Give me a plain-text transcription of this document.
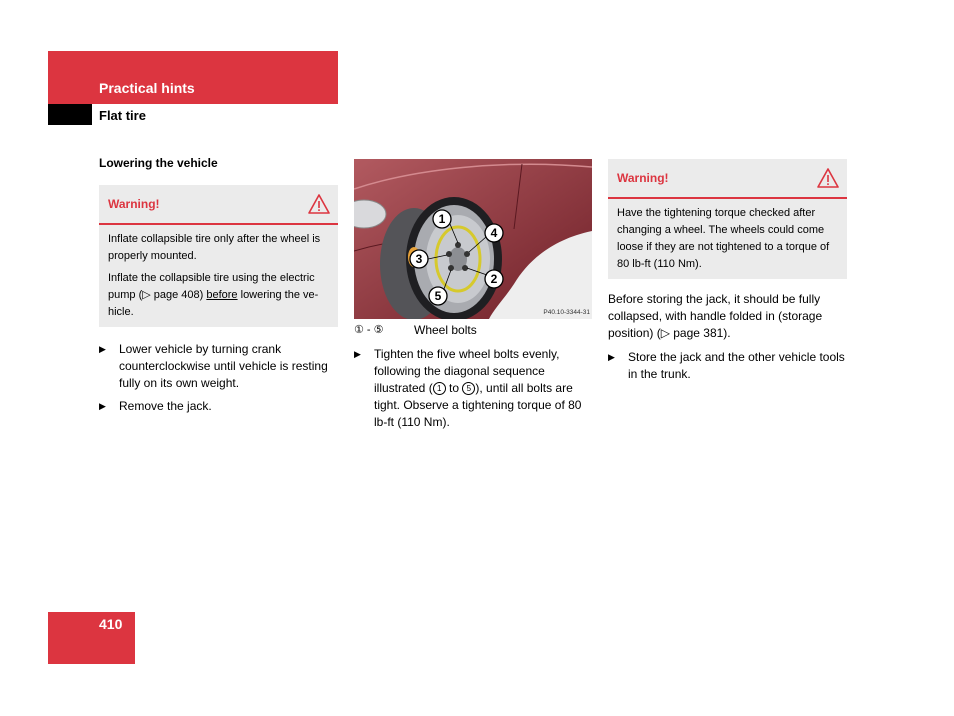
Practical hints
Flat tire
Lowering the vehicle
Warning!

Inflate collapsible tire only after the wheel is properly mounted.

Inflate the collapsible tire using the electric pump (▷ page 408) before lowering the ve-hicle.

▶	Lower vehicle by turning crank counterclockwise until vehicle is resting fully on its own weight.
▶	Remove the jack.
1
2
3
4
5
P40.10-3344-31
① - ⑤	Wheel bolts
▶	Tighten the five wheel bolts evenly, following the diagonal sequence illustrated ( 1 to 5 ), until all bolts are tight. Observe a tightening torque of 80 lb-ft (110 Nm).
Warning!

Have the tightening torque checked after changing a wheel. The wheels could come loose if they are not tightened to a torque of 80 lb-ft (110 Nm).

Before storing the jack, it should be fully collapsed, with handle folded in (storage position) (▷ page 381).
▶	Store the jack and the other vehicle tools in the trunk.
410
